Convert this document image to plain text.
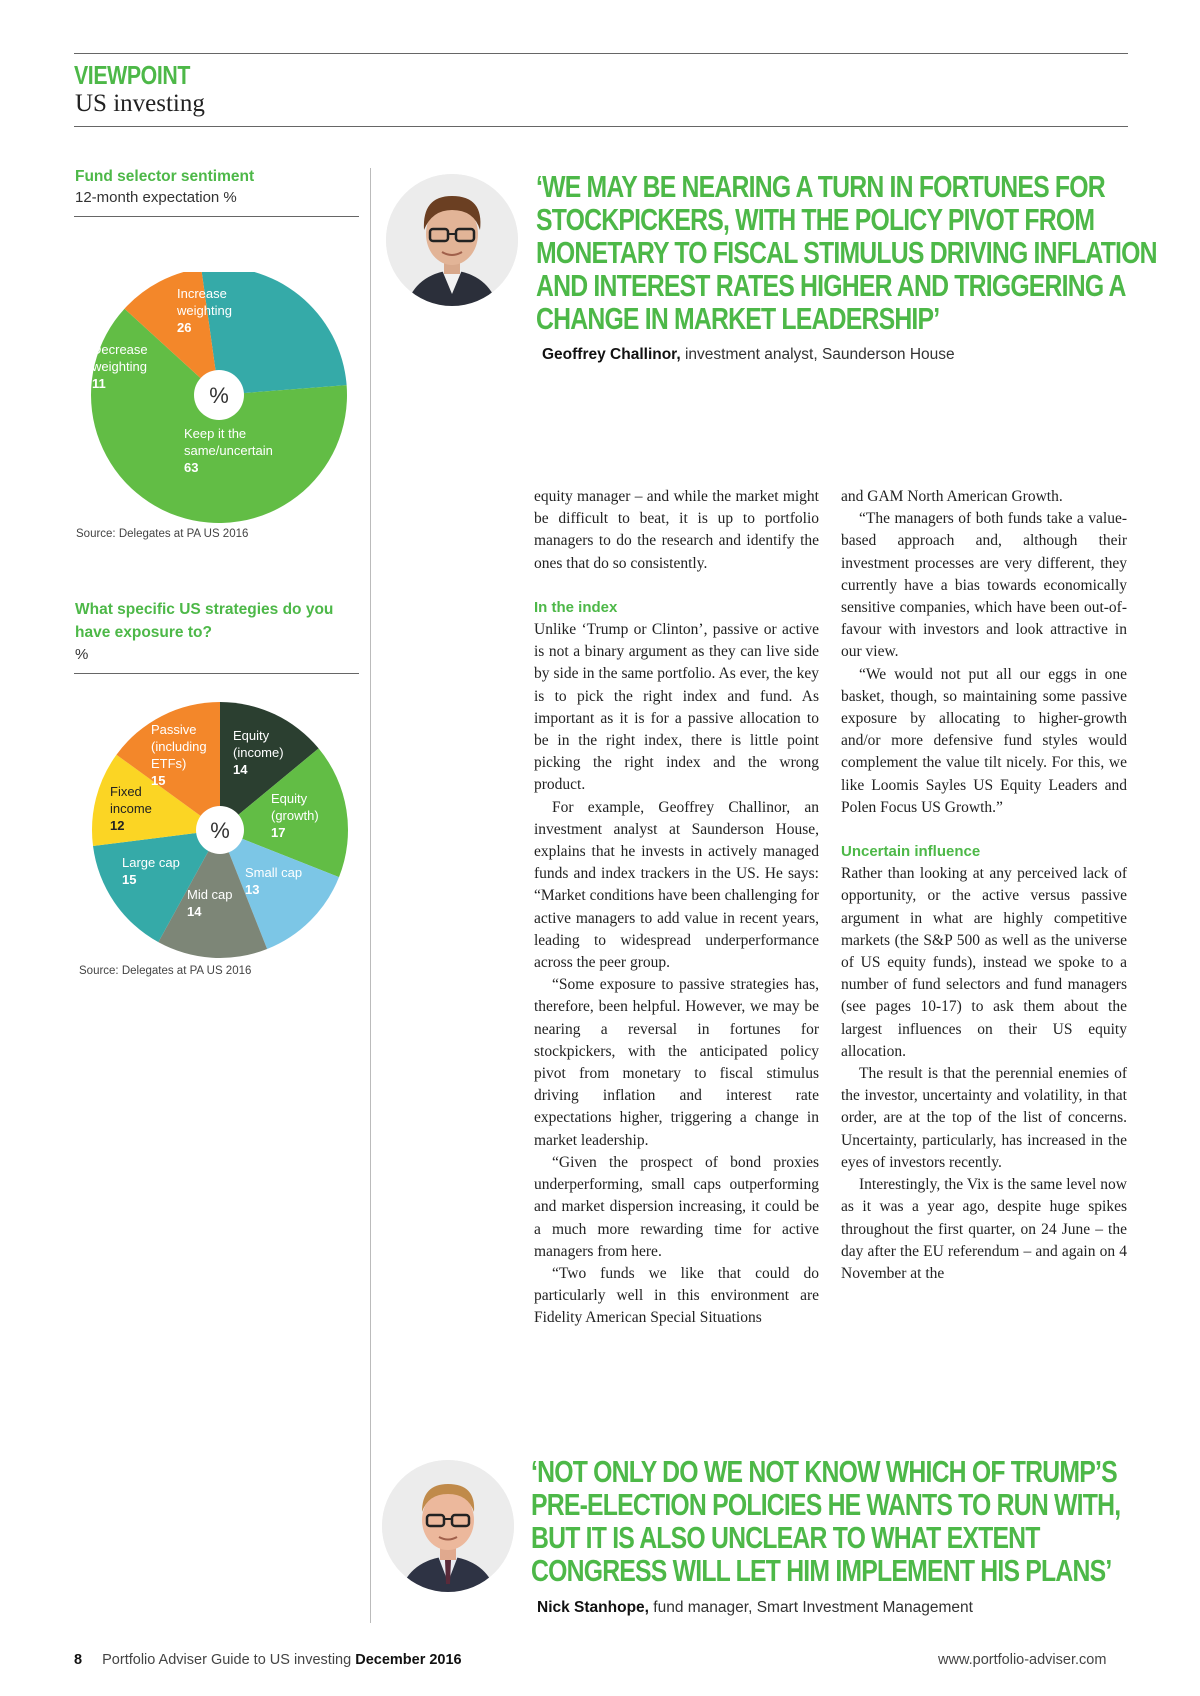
VIEWPOINT
US investing
Fund selector sentiment
12-month expectation %
%
Increase
weighting
26
Keep it the
same/uncertain
63
Decrease
weighting
11
Source: Delegates at PA US 2016
What specific US strategies do you
have exposure to?
%
%
Equity
(income)
14
Equity
(growth)
17
Small cap
13
Mid cap
14
Large cap
15
Fixed
income
12
Passive
(including
ETFs)
15
Source: Delegates at PA US 2016
‘WE MAY BE NEARING A TURN IN FORTUNES FOR STOCKPICKERS, WITH THE POLICY PIVOT FROM MONETARY TO FISCAL STIMULUS DRIVING INFLATION AND INTEREST RATES HIGHER AND TRIGGERING A CHANGE IN MARKET LEADERSHIP’
Geoffrey Challinor, investment analyst, Saunderson House

equity manager – and while the market might be difficult to beat, it is up to portfolio managers to do the research and identify the ones that do so consistently.

In the index

Unlike ‘Trump or Clinton’, passive or active is not a binary argument as they can live side by side in the same portfolio. As ever, the key is to pick the right index and fund. As important as it is for a passive allocation to be in the right index, there is little point picking the right index and the wrong product.

For example, Geoffrey Challinor, an investment analyst at Saunderson House, explains that he invests in actively managed funds and index trackers in the US. He says: “Market conditions have been challenging for active managers to add value in recent years, leading to widespread underperformance across the peer group.

“Some exposure to passive strategies has, therefore, been helpful. However, we may be nearing a reversal in fortunes for stockpickers, with the anticipated policy pivot from monetary to fiscal stimulus driving inflation and interest rate expectations higher, triggering a change in market leadership.

“Given the prospect of bond proxies underperforming, small caps outperforming and market dispersion increasing, it could be a much more rewarding time for active managers from here.

“Two funds we like that could do particularly well in this environment are Fidelity American Special Situations

and GAM North American Growth.

“The managers of both funds take a value-based approach and, although their investment processes are very different, they currently have a bias towards economically sensitive companies, which have been out-of-favour with investors and look attractive in our view.

“We would not put all our eggs in one basket, though, so maintaining some passive exposure by allocating to higher-growth and/or more defensive fund styles would complement the value tilt nicely. For this, we like Loomis Sayles US Equity Leaders and Polen Focus US Growth.”

Uncertain influence

Rather than looking at any perceived lack of opportunity, or the active versus passive argument in what are highly competitive markets (the S&P 500 as well as the universe of US equity funds), instead we spoke to a number of fund selectors and fund managers (see pages 10-17) to ask them about the largest influences on their US equity allocation.

The result is that the perennial enemies of the investor, uncertainty and volatility, in that order, are at the top of the list of concerns. Uncertainty, particularly, has increased in the eyes of investors recently.

Interestingly, the Vix is the same level now as it was a year ago, despite huge spikes throughout the first quarter, on 24 June – the day after the EU referendum – and again on 4 November at the

‘NOT ONLY DO WE NOT KNOW WHICH OF TRUMP’S PRE-ELECTION POLICIES HE WANTS TO RUN WITH, BUT IT IS ALSO UNCLEAR TO WHAT EXTENT CONGRESS WILL LET HIM IMPLEMENT HIS PLANS’
Nick Stanhope, fund manager, Smart Investment Management
8 Portfolio Adviser Guide to US investing December 2016	www.portfolio-adviser.com
